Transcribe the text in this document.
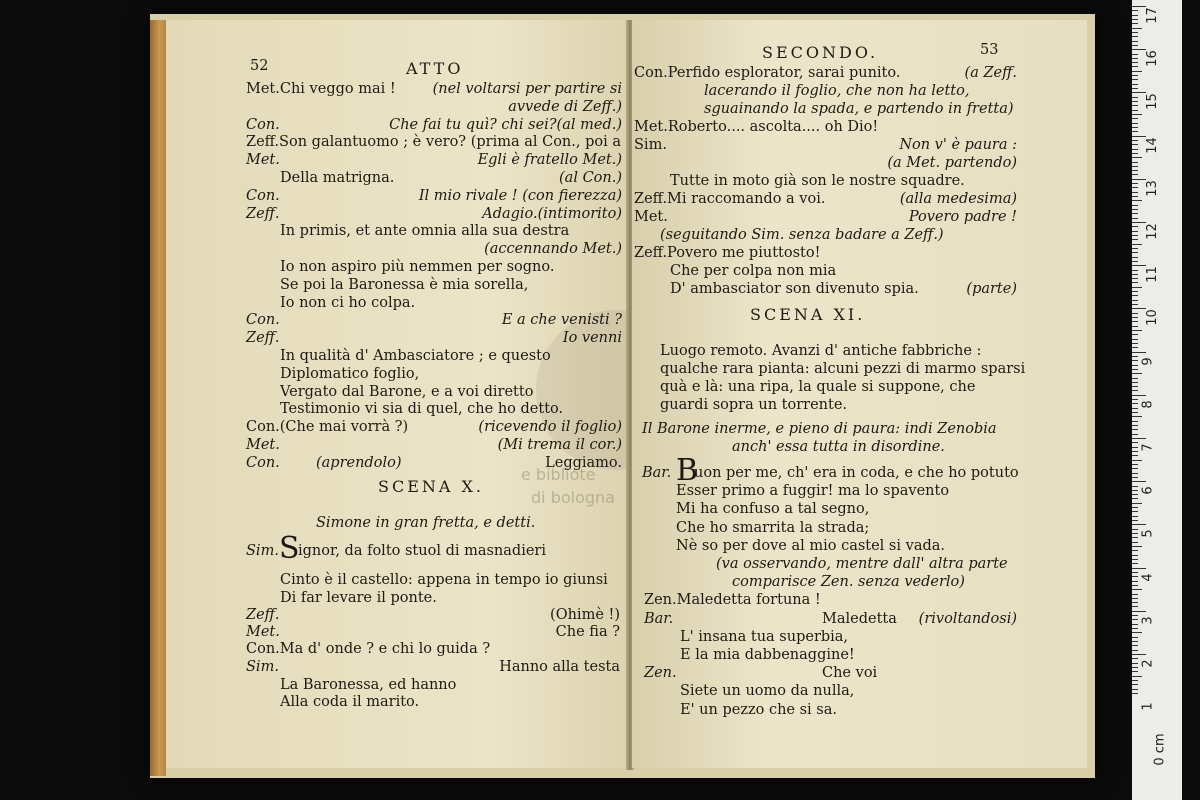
e bibliote
di bologna
52	ATTO
Met.Chi veggo mai !	(nel voltarsi per partire si
avvede di Zeff.)
Con.	Che fai tu quì? chi sei?(al med.)
Zeff.Son galantuomo ; è vero? (prima al Con., poi a
Met.	Egli è fratello Met.)
Della matrigna.	(al Con.)
Con.	Il mio rivale ! (con fierezza)
Zeff.	Adagio.(intimorito)
In primis, et ante omnia alla sua destra
(accennando Met.)
Io non aspiro più nemmen per sogno.
Se poi la Baronessa è mia sorella,
Io non ci ho colpa.
Con.	E a che venisti ?
Zeff.	Io venni
In qualità d' Ambasciatore ; e questo
Diplomatico foglio,
Vergato dal Barone, e a voi diretto
Testimonio vi sia di quel, che ho detto.
Con.(Che mai vorrà ?)	(ricevendo il foglio)
Met.	(Mi trema il cor.)
Con. (aprendolo)	Leggiamo.
SCENA X.
Simone in gran fretta, e detti.
Sim. S
ignor, da folto stuol di masnadieri
Cinto è il castello: appena in tempo io giunsi
Di far levare il ponte.
Zeff.	(Ohimè !)
Met.	Che fia ?
Con.Ma d' onde ? e chi lo guida ?
Sim.	Hanno alla testa
La Baronessa, ed hanno
Alla coda il marito.
SECONDO.	53
Con.Perfido esplorator, sarai punito.	(a Zeff.
lacerando il foglio, che non ha letto,
sguainando la spada, e partendo in fretta)
Met.Roberto.... ascolta.... oh Dio!
Sim.	Non v' è paura :
(a Met. partendo)
Tutte in moto già son le nostre squadre.
Zeff.Mi raccomando a voi.	(alla medesima)
Met.	Povero padre !
(seguitando Sim. senza badare a Zeff.)
Zeff.Povero me piuttosto!
Che per colpa non mia
D' ambasciator son divenuto spia.	(parte)
SCENA XI.
Luogo remoto. Avanzi d' antiche fabbriche :
qualche rara pianta: alcuni pezzi di marmo sparsi
quà e là: una ripa, la quale si suppone, che
guardi sopra un torrente.
Il Barone inerme, e pieno di paura: indi Zenobia
anch' essa tutta in disordine.
Bar. B
uon per me, ch' era in coda, e che ho potuto
Esser primo a fuggir! ma lo spavento
Mi ha confuso a tal segno,
Che ho smarrita la strada;
Nè so per dove al mio castel si vada.
(va osservando, mentre dall' altra parte
comparisce Zen. senza vederlo)
Zen.Maledetta fortuna !
Bar.	Maledetta (rivoltandosi)
L' insana tua superbia,
E la mia dabbenaggine!
Zen.	Che voi
Siete un uomo da nulla,
E' un pezzo che si sa.
17
16
15
14
13
12
11
10
9
8
7
6
5
4
3
2
1
0 cm
